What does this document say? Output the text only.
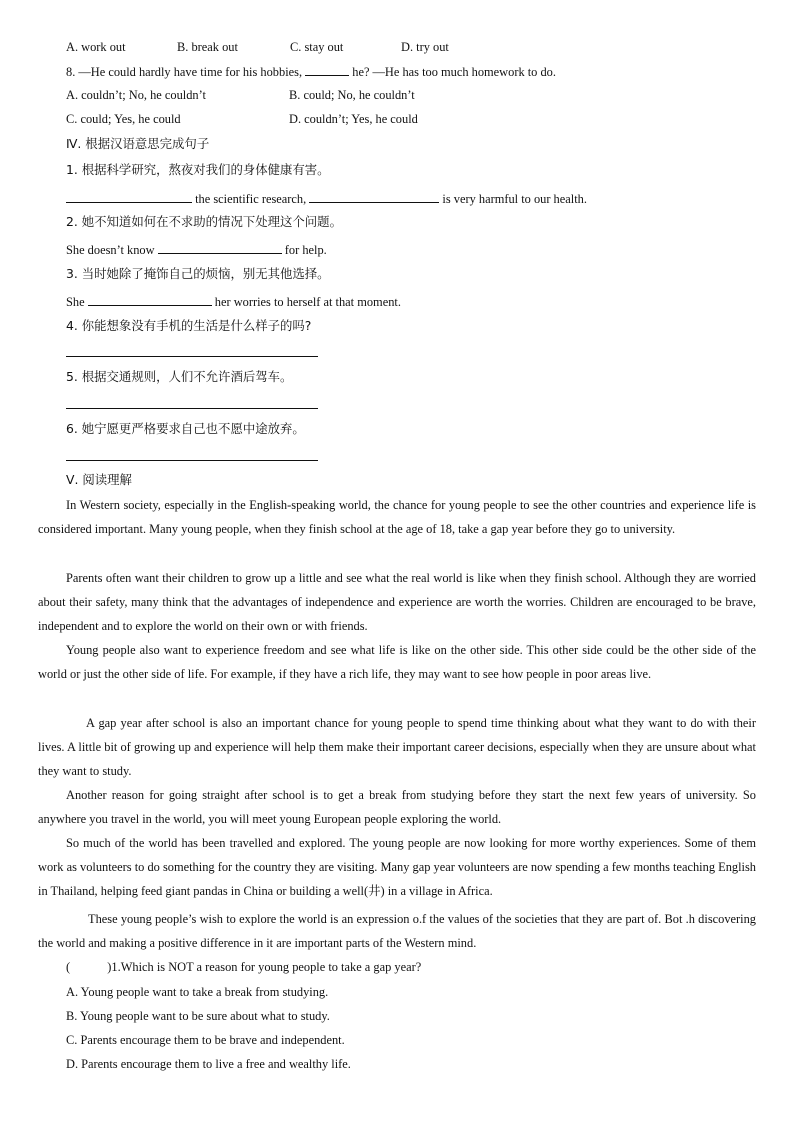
A. work out	B. break out	C. stay out	D. try out
8. —He could hardly have time for his hobbies,	he? —He has too much homework to do.
A. couldn’t; No, he couldn’t	B. could; No, he couldn’t
C. could; Yes, he could	D. couldn’t; Yes, he could
Ⅳ. 根据汉语意思完成句子
1. 根据科学研究，熬夜对我们的身体健康有害。
the scientific research,	is very harmful to our health.
2. 她不知道如何在不求助的情况下处理这个问题。
She doesn’t know	for help.
3. 当时她除了掩饰自己的烦恼，别无其他选择。
She	her worries to herself at that moment.
4. 你能想象没有手机的生活是什么样子的吗?
5. 根据交通规则，人们不允许酒后驾车。
6. 她宁愿更严格要求自己也不愿中途放弃。
Ⅴ. 阅读理解
In Western society, especially in the English-speaking world, the chance for young people to see the other countries and experience life is considered important. Many young people, when they finish school at the age of 18, take a gap year before they go to university.
Parents often want their children to grow up a little and see what the real world is like when they finish school. Although they are worried about their safety, many think that the advantages of independence and experience are worth the worries. Children are encouraged to be brave, independent and to explore the world on their own or with friends.
Young people also want to experience freedom and see what life is like on the other side. This other side could be the other side of the world or just the other side of life. For example, if they have a rich life, they may want to see how people in poor areas live.
A gap year after school is also an important chance for young people to spend time thinking about what they want to do with their lives. A little bit of growing up and experience will help them make their important career decisions, especially when they are unsure about what they want to study.
Another reason for going straight after school is to get a break from studying before they start the next few years of university. So anywhere you travel in the world, you will meet young European people exploring the world.
So much of the world has been travelled and explored. The young people are now looking for more worthy experiences. Some of them work as volunteers to do something for the country they are visiting. Many gap year volunteers are now spending a few months teaching English in Thailand, helping feed giant pandas in China or building a well(井) in a village in Africa.
These young people’s wish to explore the world is an expression o.f the values of the societies that they are part of. Bot .h discovering the world and making a positive difference in it are important parts of the Western mind.
(　　　)1.Which is NOT a reason for young people to take a gap year?
A. Young people want to take a break from studying.
B. Young people want to be sure about what to study.
C. Parents encourage them to be brave and independent.
D. Parents encourage them to live a free and wealthy life.
